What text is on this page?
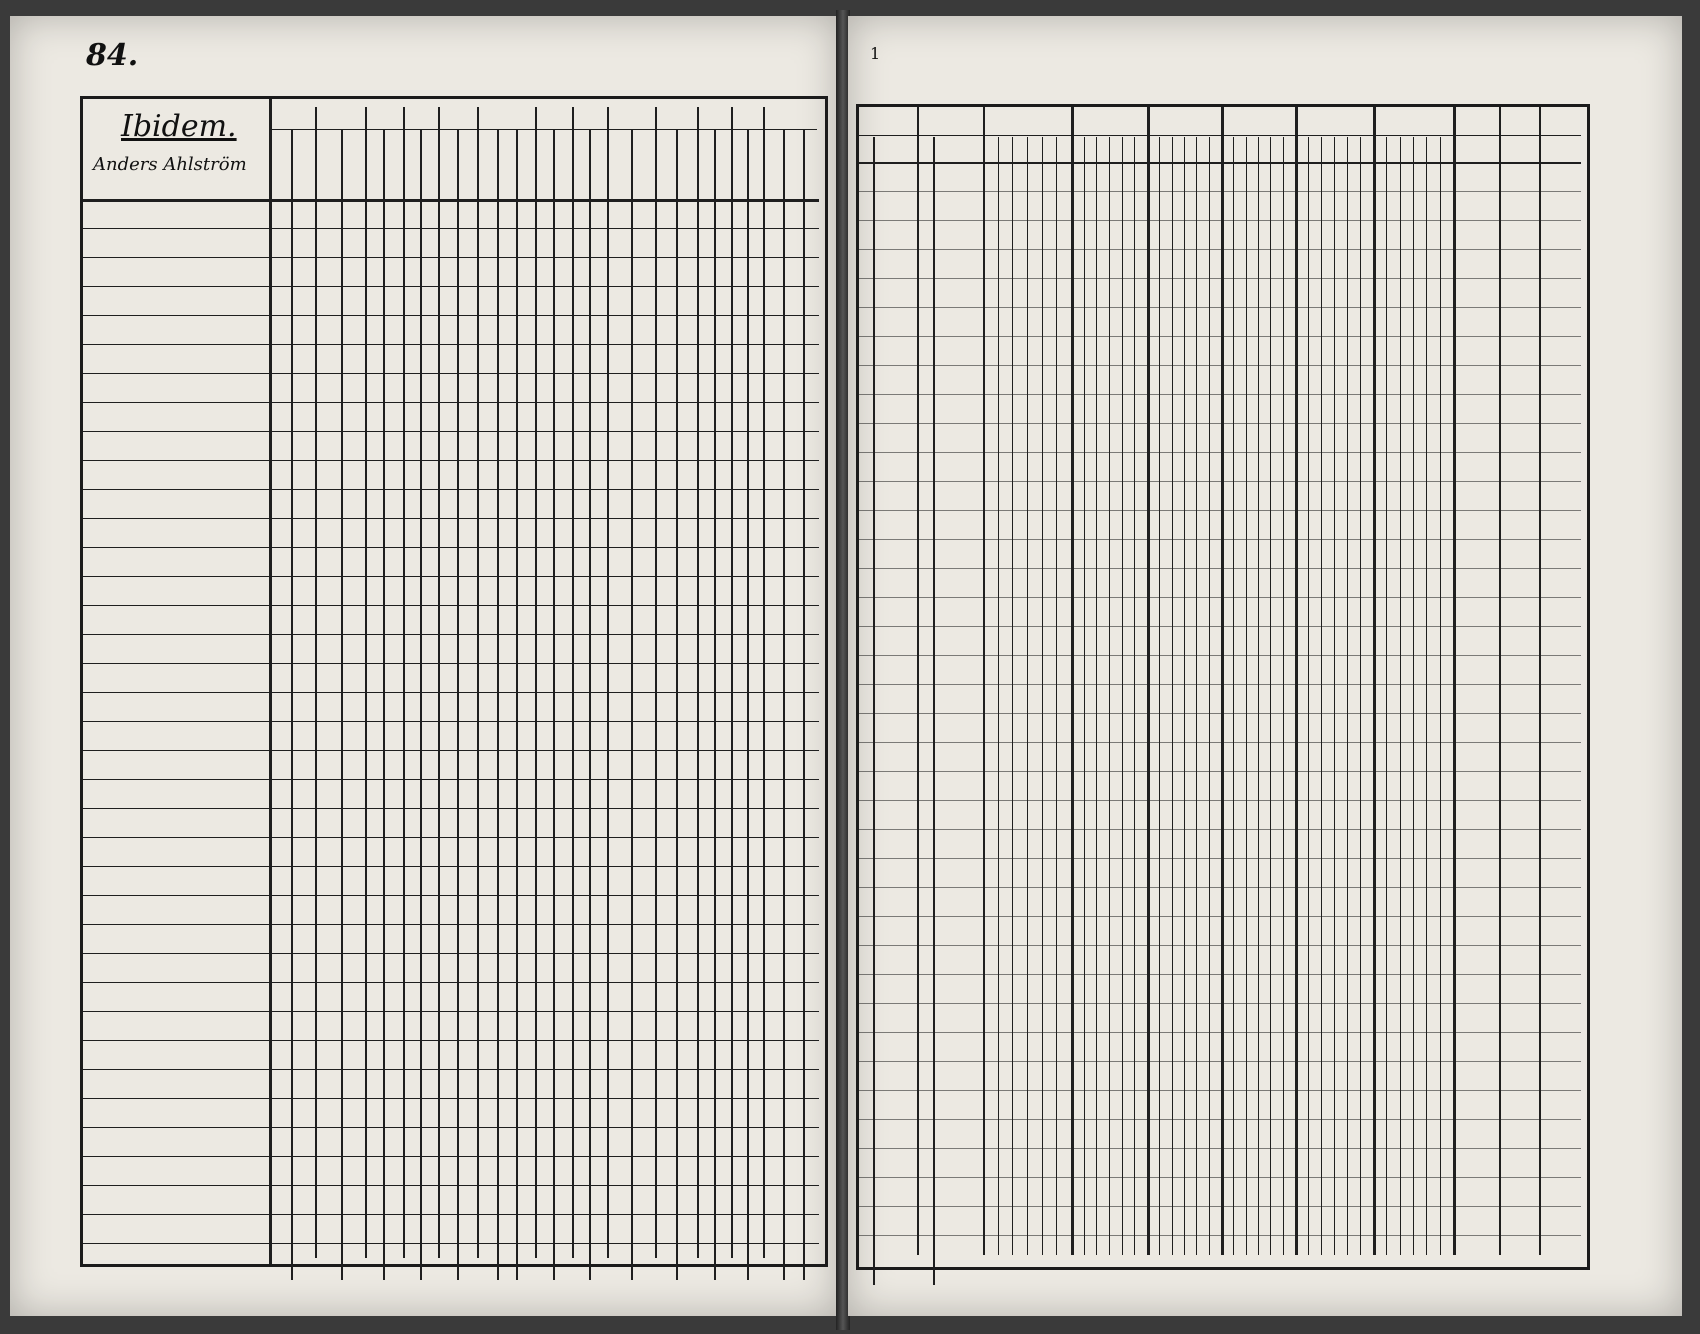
84.
Ibidem.
Anders Ahlström
1
